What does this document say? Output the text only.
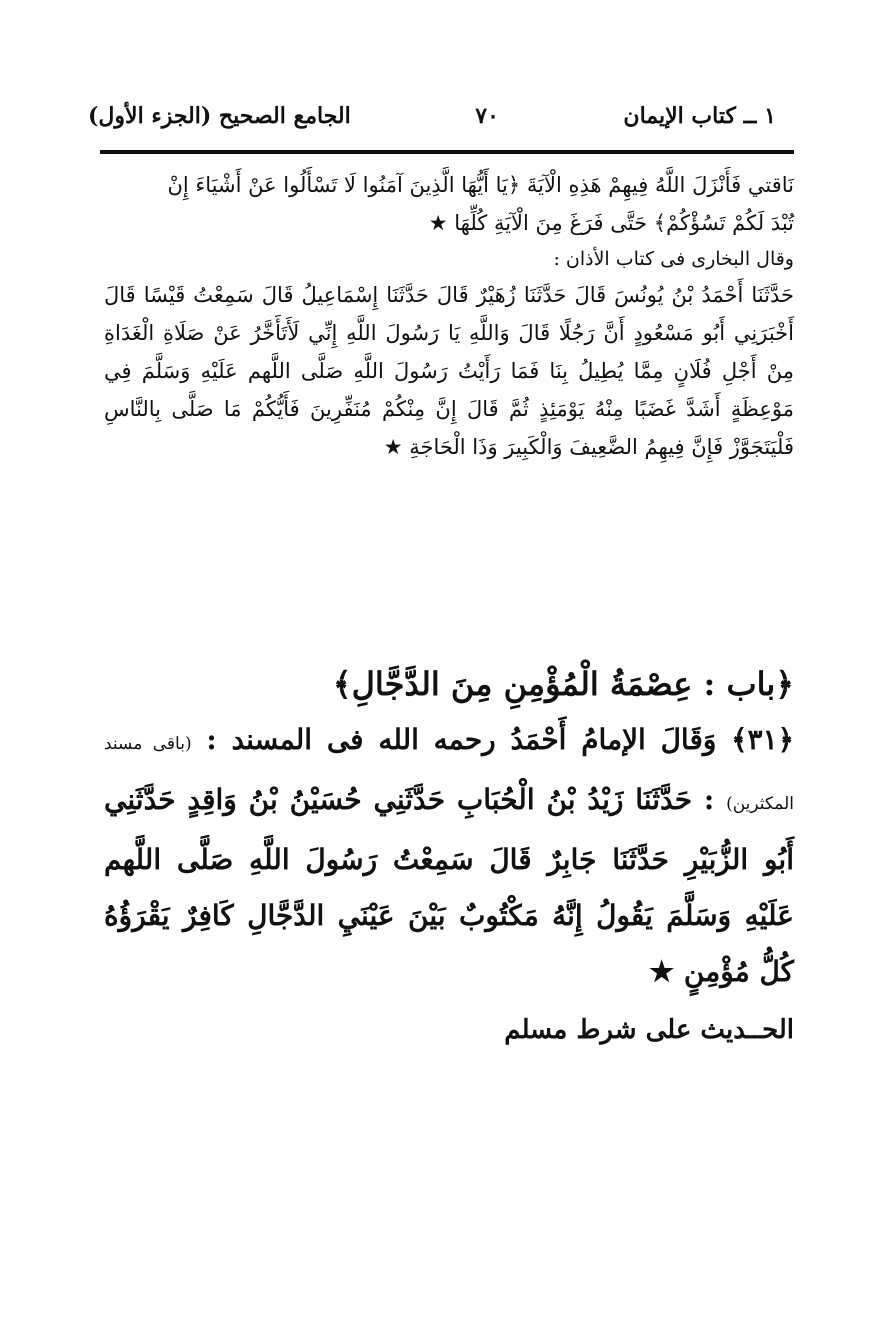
١ ــ كتاب الإيمان
٧٠
الجامع الصحيح (الجزء الأول)

نَاقتي فَأَنْزَلَ اللَّهُ فِيهِمْ هَذِهِ الْآيَةَ ﴿يَا أَيُّهَا الَّذِينَ آمَنُوا لَا تَسْأَلُوا عَنْ أَشْيَاءَ إِنْ

تُبْدَ لَكُمْ تَسُؤْكُمْ﴾ حَتَّى فَرَغَ مِنَ الْآيَةِ كُلِّهَا ★

وقال البخارى فى كتاب الأذان :

حَدَّثَنَا أَحْمَدُ بْنُ يُونُسَ قَالَ حَدَّثَنَا زُهَيْرٌ قَالَ حَدَّثَنَا إِسْمَاعِيلُ قَالَ سَمِعْتُ قَيْسًا قَالَ أَخْبَرَنِي أَبُو مَسْعُودٍ أَنَّ رَجُلًا قَالَ وَاللَّهِ يَا رَسُولَ اللَّهِ إِنِّي لَأَتَأَخَّرُ عَنْ صَلَاةِ الْغَدَاةِ مِنْ أَجْلِ فُلَانٍ مِمَّا يُطِيلُ بِنَا فَمَا رَأَيْتُ رَسُولَ اللَّهِ صَلَّى اللَّهم عَلَيْهِ وَسَلَّمَ فِي مَوْعِظَةٍ أَشَدَّ غَضَبًا مِنْهُ يَوْمَئِذٍ ثُمَّ قَالَ إِنَّ مِنْكُمْ مُنَفِّرِينَ فَأَيُّكُمْ مَا صَلَّى بِالنَّاسِ فَلْيَتَجَوَّزْ فَإِنَّ فِيهِمُ الضَّعِيفَ وَالْكَبِيرَ وَذَا الْحَاجَةِ ★

﴿باب : عِصْمَةُ الْمُؤْمِنِ مِنَ الدَّجَّالِ﴾

﴿٣١﴾ وَقَالَ الإمامُ أَحْمَدُ رحمه الله فى المسند : (باقى مسند المكثرين) : حَدَّثَنَا زَيْدُ بْنُ الْحُبَابِ حَدَّثَنِي حُسَيْنُ بْنُ وَاقِدٍ حَدَّثَنِي أَبُو الزُّبَيْرِ حَدَّثَنَا جَابِرٌ قَالَ سَمِعْتُ رَسُولَ اللَّهِ صَلَّى اللَّهم عَلَيْهِ وَسَلَّمَ يَقُولُ إِنَّهُ مَكْتُوبٌ بَيْنَ عَيْنَيِ الدَّجَّالِ كَافِرٌ يَقْرَؤُهُ كُلُّ مُؤْمِنٍ ★

الحــديث على شرط مسلم
